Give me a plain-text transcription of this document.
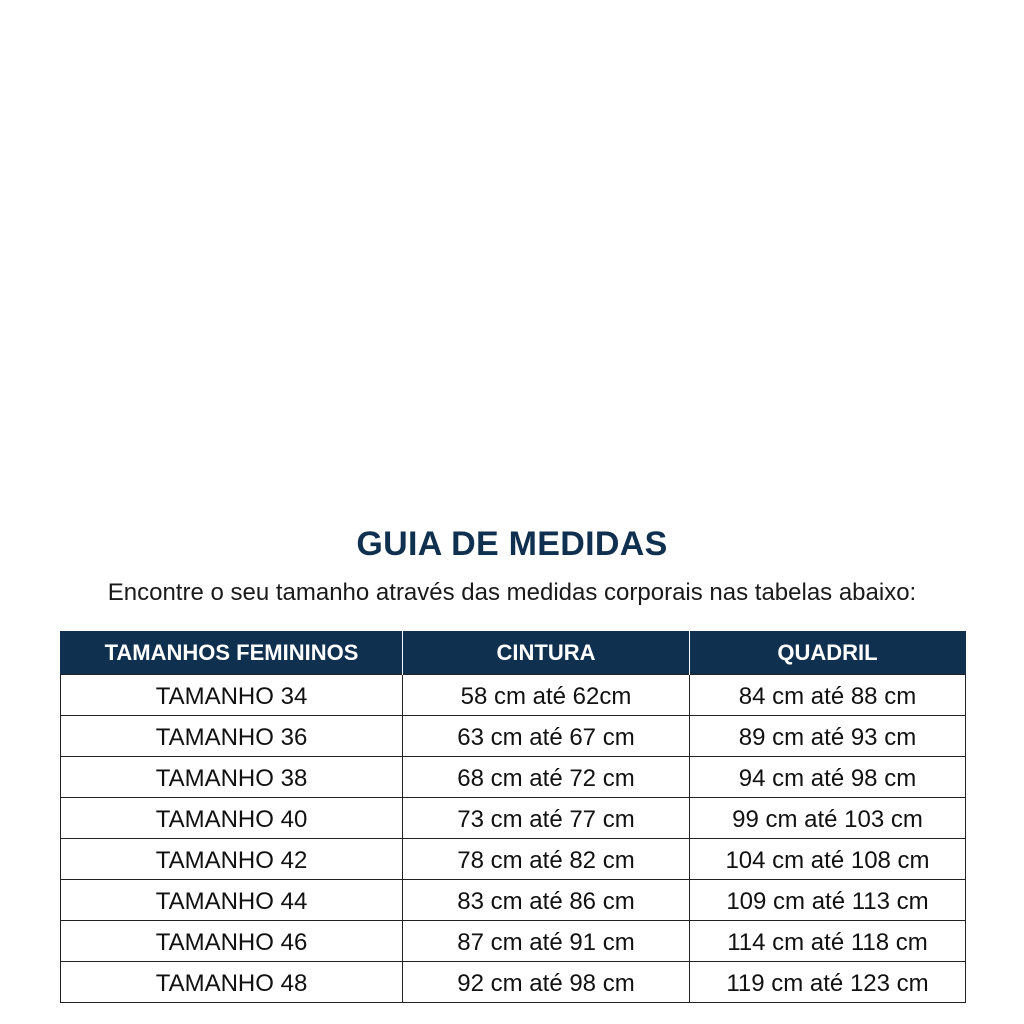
GUIA DE MEDIDAS
Encontre o seu tamanho através das medidas corporais nas tabelas abaixo:
TAMANHOS FEMININOS	CINTURA	QUADRIL
TAMANHO 34	58 cm até 62cm	84 cm até 88 cm
TAMANHO 36	63 cm até 67 cm	89 cm até 93 cm
TAMANHO 38	68 cm até 72 cm	94 cm até 98 cm
TAMANHO 40	73 cm até 77 cm	99 cm até 103 cm
TAMANHO 42	78 cm até 82 cm	104 cm até 108 cm
TAMANHO 44	83 cm até 86 cm	109 cm até 113 cm
TAMANHO 46	87 cm até 91 cm	114 cm até 118 cm
TAMANHO 48	92 cm até 98 cm	119 cm até 123 cm
